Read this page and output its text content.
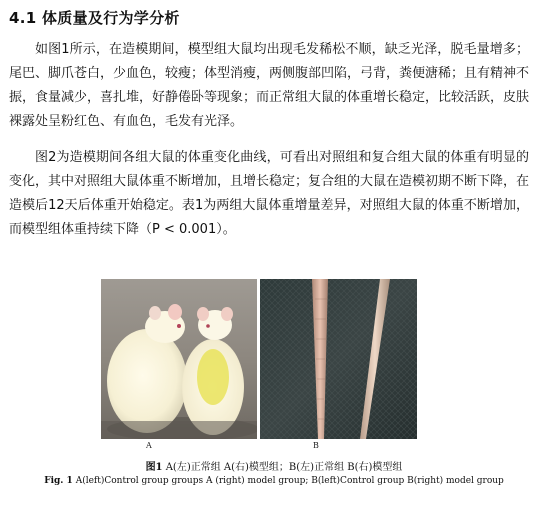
4.1 体质量及行为学分析
如图1所示，在造模期间，模型组大鼠均出现毛发稀松不顺，缺乏光泽，脱毛量增多；尾巴、脚爪苍白，少血色，较瘦；体型消瘦，两侧腹部凹陷，弓背，粪便溏稀；且有精神不振，食量减少，喜扎堆，好静倦卧等现象；而正常组大鼠的体重增长稳定，比较活跃，皮肤裸露处呈粉红色、有血色，毛发有光泽。
图2为造模期间各组大鼠的体重变化曲线，可看出对照组和复合组大鼠的体重有明显的变化，其中对照组大鼠体重不断增加，且增长稳定；复合组的大鼠在造模初期不断下降，在造模后12天后体重开始稳定。表1为两组大鼠体重增量差异，对照组大鼠的体重不断增加，而模型组体重持续下降（P < 0.001）。
A	B
图1 A(左)正常组 A(右)模型组；B(左)正常组 B(右)模型组
Fig. 1 A(left)Control group groups A (right) model group; B(left)Control group B(right) model group
